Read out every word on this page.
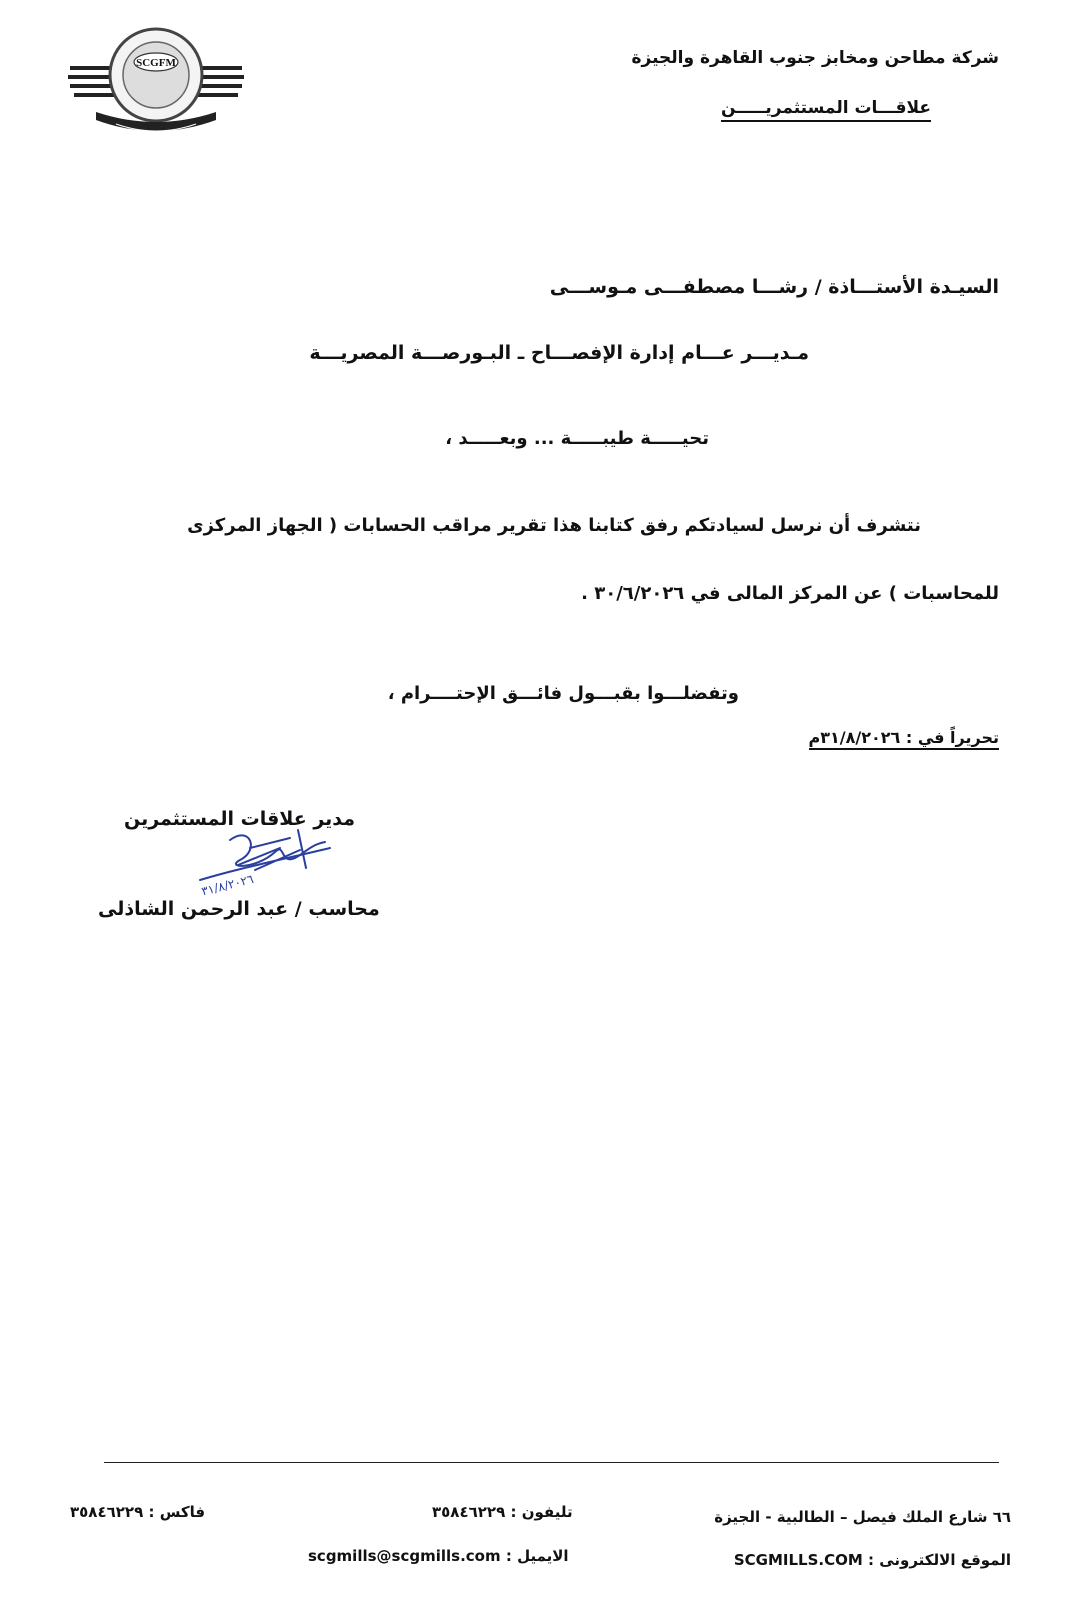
SCGFM	شركة مطاحن ومخابز جنوب القاهرة والجيزة
علاقـــات المستثمريـــــن
السيـدة الأستـــاذة / رشـــا مصطفـــى مـوســـى
مـديـــر عـــام إدارة الإفصـــاح ـ البـورصـــة المصريـــة
تحيـــــة طيبـــــة ... وبعـــــد ،
نتشرف أن نرسل لسيادتكم رفق كتابنا هذا تقرير مراقب الحسابات ( الجهاز المركزى
للمحاسبات ) عن المركز المالى في ٣٠/٦/٢٠٢٦ .
وتفضلـــوا بقبـــول فائـــق الإحتــــرام ،
تحريراً في : ٣١/٨/٢٠٢٦م
مدير علاقات المستثمرين
٣١/٨/٢٠٢٦
محاسب / عبد الرحمن الشاذلى
٦٦ شارع الملك فيصل – الطالبية - الجيزة
تليفون : ٣٥٨٤٦٢٢٩
فاكس : ٣٥٨٤٦٢٢٩
الموقع الالكترونى : SCGMILLS.COM
الايميل : scgmills@scgmills.com
